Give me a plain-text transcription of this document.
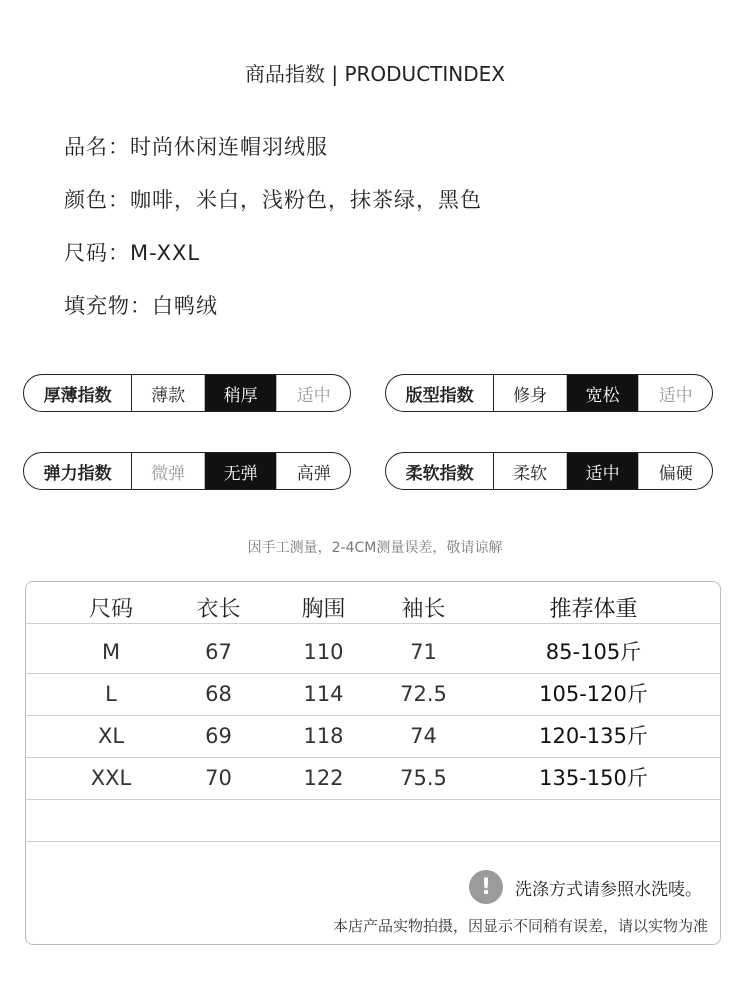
商品指数 | PRODUCTINDEX
品名：时尚休闲连帽羽绒服
颜色：咖啡，米白，浅粉色，抹茶绿，黑色
尺码：M-XXL
填充物：白鸭绒
厚薄指数	薄款	稍厚	适中	版型指数	修身	宽松	适中
弹力指数	微弹	无弹	高弹	柔软指数	柔软	适中	偏硬
因手工测量，2-4CM测量误差，敬请谅解
尺码	衣长	胸围	袖长	推荐体重
M	67	110	71	85-105斤
L	68	114	72.5	105-120斤
XL	69	118	74	120-135斤
XXL	70	122	75.5	135-150斤
!	洗涤方式请参照水洗唛。
本店产品实物拍摄，因显示不同稍有误差，请以实物为准
